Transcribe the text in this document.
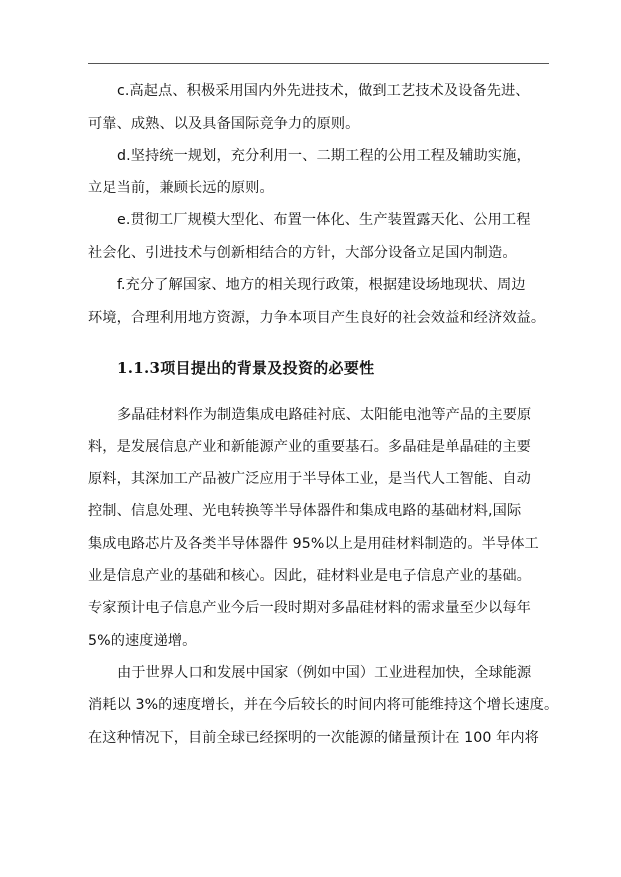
c.高起点、积极采用国内外先进技术，做到工艺技术及设备先进、
可靠、成熟、以及具备国际竞争力的原则。
d.坚持统一规划，充分利用一、二期工程的公用工程及辅助实施，
立足当前，兼顾长远的原则。
e.贯彻工厂规模大型化、布置一体化、生产装置露天化、公用工程
社会化、引进技术与创新相结合的方针，大部分设备立足国内制造。
f.充分了解国家、地方的相关现行政策，根据建设场地现状、周边
环境，合理利用地方资源，力争本项目产生良好的社会效益和经济效益。
1.1.3项目提出的背景及投资的必要性
多晶硅材料作为制造集成电路硅衬底、太阳能电池等产品的主要原
料，是发展信息产业和新能源产业的重要基石。多晶硅是单晶硅的主要
原料，其深加工产品被广泛应用于半导体工业，是当代人工智能、自动
控制、信息处理、光电转换等半导体器件和集成电路的基础材料,国际
集成电路芯片及各类半导体器件 95%以上是用硅材料制造的。半导体工
业是信息产业的基础和核心。因此，硅材料业是电子信息产业的基础。
专家预计电子信息产业今后一段时期对多晶硅材料的需求量至少以每年
5%的速度递增。
由于世界人口和发展中国家（例如中国）工业进程加快，全球能源
消耗以 3%的速度增长，并在今后较长的时间内将可能维持这个增长速度。
在这种情况下，目前全球已经探明的一次能源的储量预计在 100 年内将
